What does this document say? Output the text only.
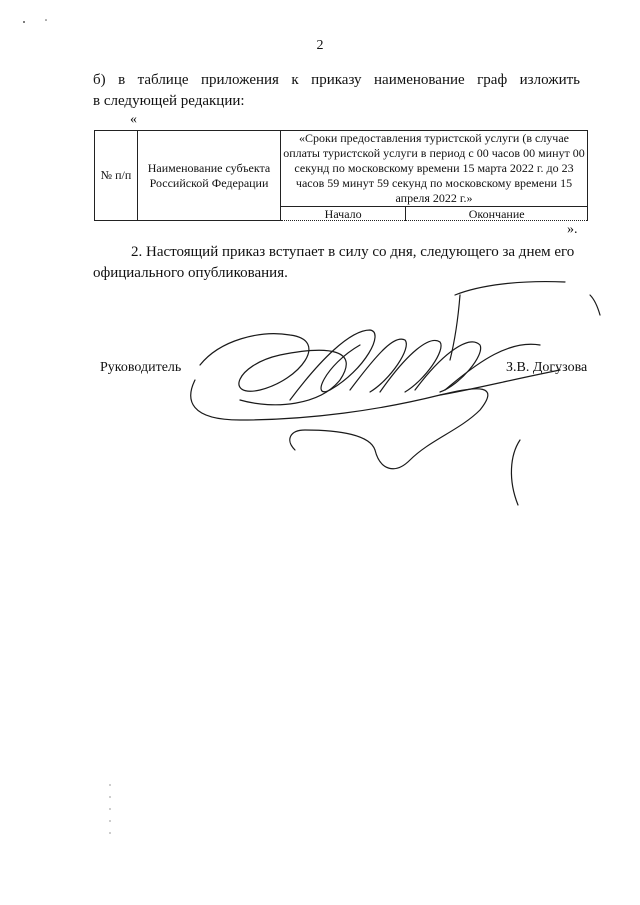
2
б) в таблице приложения к приказу наименование граф изложить
в следующей редакции:
«
№ п/п	Наименование субъекта Российской Федерации	«Сроки предоставления туристской услуги (в случае оплаты туристской услуги в период с 00 часов 00 минут 00 секунд по московскому времени 15 марта 2022 г. до 23 часов 59 минут 59 секунд по московскому времени 15 апреля 2022 г.»	
		Начало	Окончание
».
2. Настоящий приказ вступает в силу со дня, следующего за днем его официального опубликования.
Руководитель	З.В. Догузова
